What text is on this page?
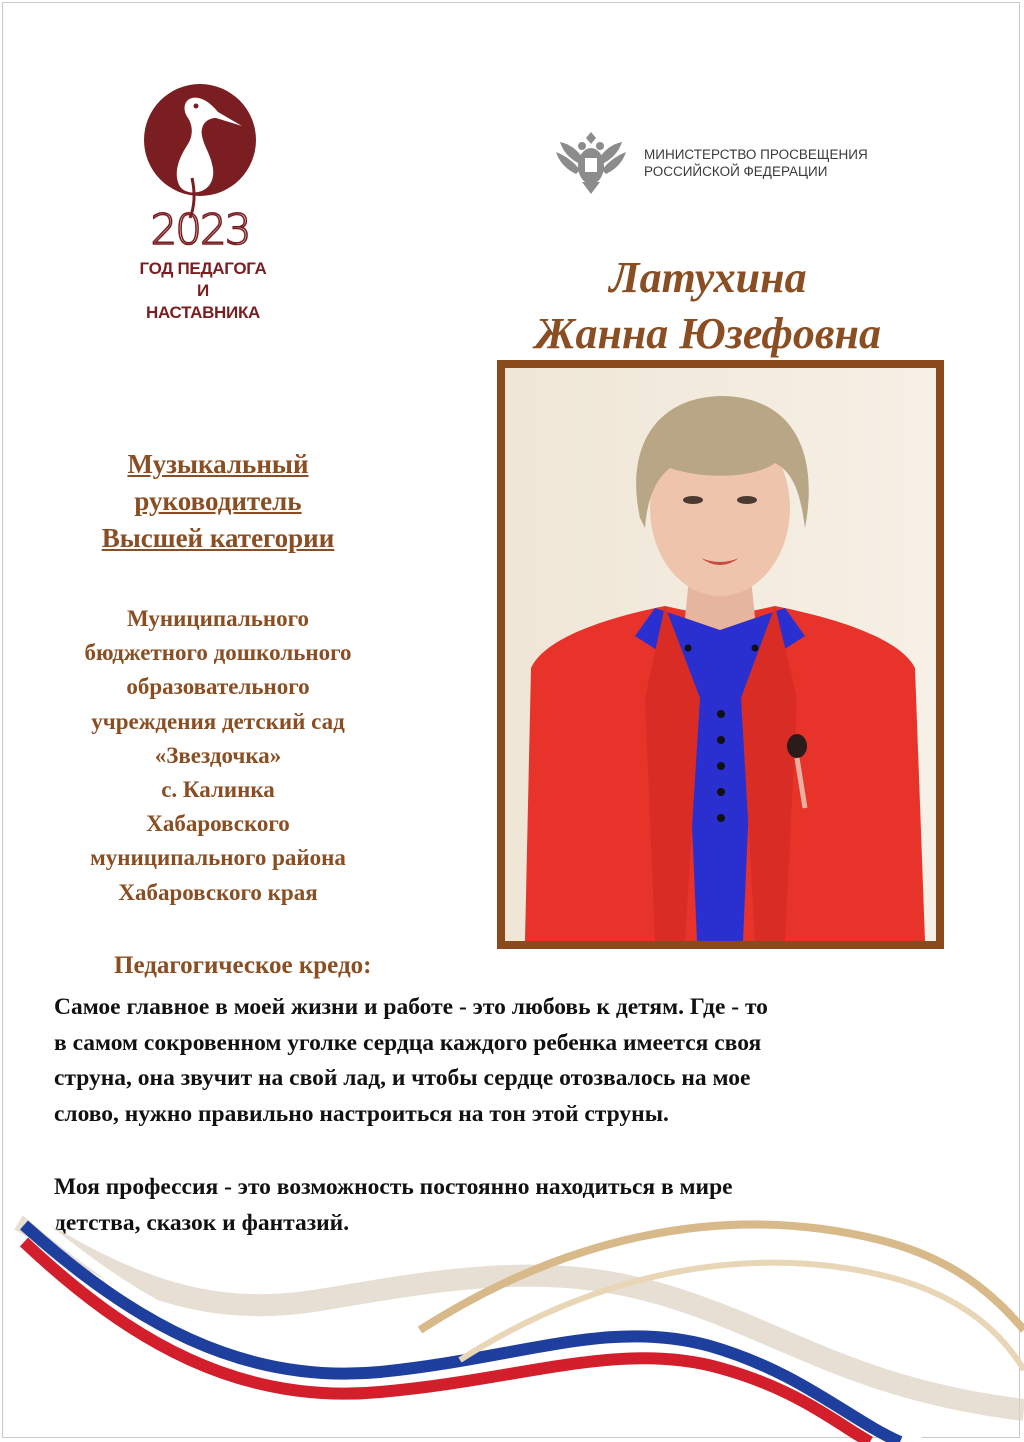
2023
ГОД ПЕДАГОГА
И НАСТАВНИКА
МИНИСТЕРСТВО ПРОСВЕЩЕНИЯ
РОССИЙСКОЙ ФЕДЕРАЦИИ
Латухина
Жанна Юзефовна
Музыкальный
руководитель
Высшей категории
Муниципального
бюджетного дошкольного
образовательного
учреждения детский сад
«Звездочка»
с. Калинка
Хабаровского
муниципального района
Хабаровского края
Педагогическое кредо:
Самое главное в моей жизни и работе - это любовь к детям. Где - то
в самом сокровенном уголке сердца каждого ребенка имеется своя
струна, она звучит на свой лад, и чтобы сердце отозвалось на мое
слово, нужно правильно настроиться на тон этой струны.
Моя профессия - это возможность постоянно находиться в мире
детства, сказок и фантазий.
